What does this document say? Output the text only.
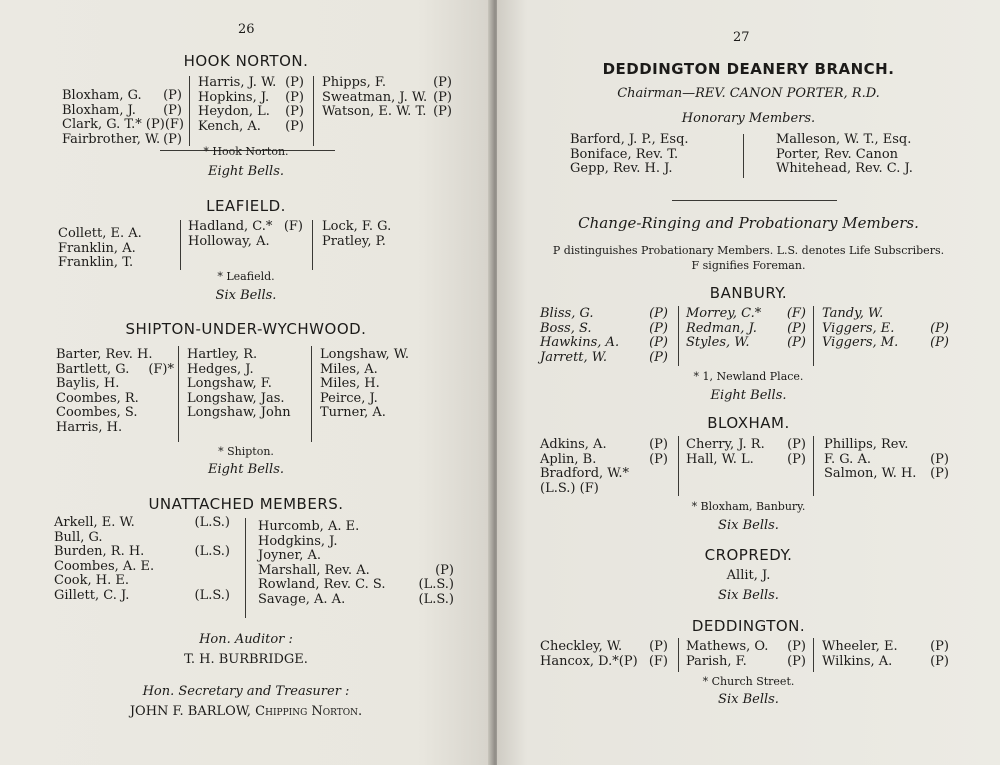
26
HOOK NORTON.
Bloxham, G. (P)
Bloxham, J. (P)
Clark, G. T.* (P) (F)
Fairbrother, W. (P)
Harris, J. W. (P)
Hopkins, J. (P)
Heydon, L. (P)
Kench, A. (P)
Phipps, F.	(P)
Sweatman, J. W. (P)
Watson, E. W. T. (P)
* Hook Norton.
Eight Bells.
LEAFIELD.
Collett, E. A.
Franklin, A.
Franklin, T.
Hadland, C.* (F)
Holloway, A.
Lock, F. G.
Pratley, P.
* Leafield.
Six Bells.
SHIPTON-UNDER-WYCHWOOD.
Barter, Rev. H.
Bartlett, G. (F)*
Baylis, H.
Coombes, R.
Coombes, S.
Harris, H.
Hartley, R.
Hedges, J.
Longshaw, F.
Longshaw, Jas.
Longshaw, John
Longshaw, W.
Miles, A.
Miles, H.
Peirce, J.
Turner, A.
* Shipton.
Eight Bells.
UNATTACHED MEMBERS.
Arkell, E. W.	(L.S.)
Bull, G.
Burden, R. H.	(L.S.)
Coombes, A. E.
Cook, H. E.
Gillett, C. J.	(L.S.)
Hurcomb, A. E.
Hodgkins, J.
Joyner, A.
Marshall, Rev. A.	(P)
Rowland, Rev. C. S.	(L.S.)
Savage, A. A.	(L.S.)
Hon. Auditor :
T. H. BURBRIDGE.
Hon. Secretary and Treasurer :
JOHN F. BARLOW, Chipping Norton.
27
DEDDINGTON DEANERY BRANCH.
Chairman—REV. CANON PORTER, R.D.
Honorary Members.
Barford, J. P., Esq.
Boniface, Rev. T.
Gepp, Rev. H. J.
Malleson, W. T., Esq.
Porter, Rev. Canon
Whitehead, Rev. C. J.
Change-Ringing and Probationary Members.
P distinguishes Probationary Members. L.S. denotes Life Subscribers.
F signifies Foreman.
BANBURY.
Bliss, G.	(P)
Boss, S.	(P)
Hawkins, A. (P)
Jarrett, W.	(P)
Morrey, C.* (F)
Redman, J. (P)
Styles, W.	(P)
Tandy, W.
Viggers, E.	(P)
Viggers, M. (P)
* 1, Newland Place.
Eight Bells.
BLOXHAM.
Adkins, A.	(P)
Aplin, B.	(P)
Bradford, W.*
(L.S.) (F)
Cherry, J. R. (P)
Hall, W. L.	(P)
Phillips, Rev.
F. G. A.	(P)
Salmon, W. H. (P)
* Bloxham, Banbury.
Six Bells.
CROPREDY.
Allit, J.
Six Bells.
DEDDINGTON.
Checkley, W. (P)
Hancox, D.*(P) (F)
Mathews, O. (P)
Parish, F.	(P)
Wheeler, E. (P)
Wilkins, A.	(P)
* Church Street.
Six Bells.
